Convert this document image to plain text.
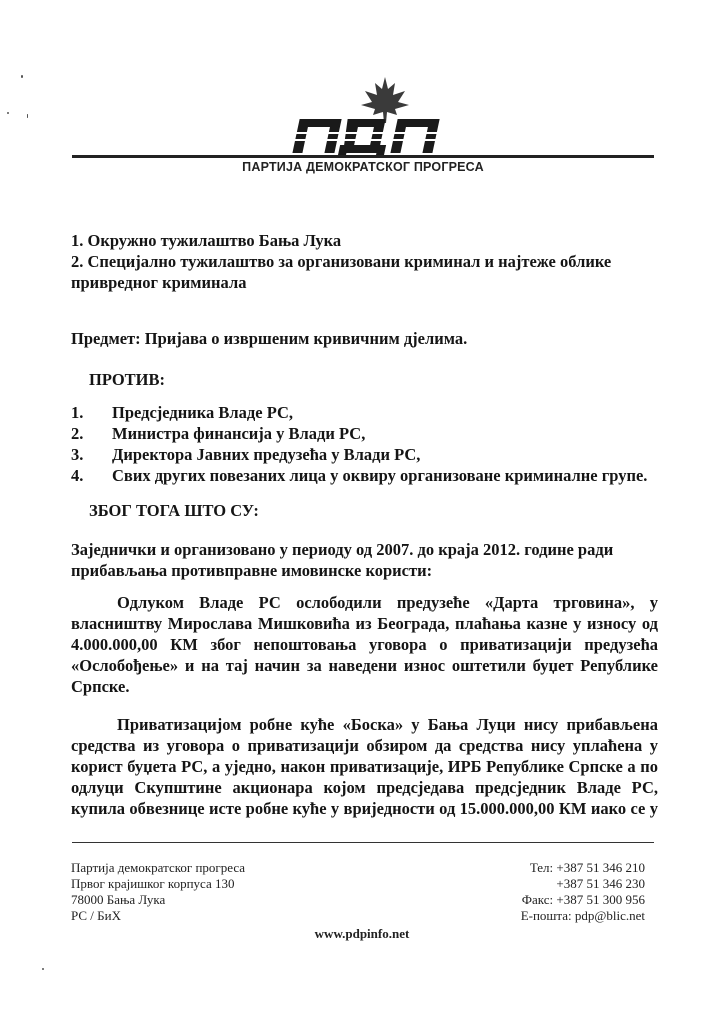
ПАРТИЈА ДЕМОКРАТСКОГ ПРОГРЕСА
1. Окружно тужилаштво Бања Лука
2. Специјално тужилаштво за организовани криминал и најтеже облике
привредног криминала
Предмет: Пријава о извршеним кривичним дјелима.
ПРОТИВ:
1.	Предсједника Владе РС,
2.	Министра финансија у Влади РС,
3.	Директора Јавних предузећа у Влади РС,
4.	Свих других повезаних лица у оквиру организоване криминалне групе.
ЗБОГ ТОГА ШТО СУ:
Заједнички и организовано у периоду од 2007. до краја 2012. године ради
прибављања противправне имовинске користи:
Одлуком Владе РС ослободили предузеће «Дарта трговина», у
власништву Мирослава Мишковића из Београда, плаћања казне у износу од
4.000.000,00 КМ због непоштовања уговора о приватизацији предузећа
«Ослобођење» и на тај начин за наведени износ оштетили буџет Републике
Српске.
Приватизацијом робне куће «Боска» у Бања Луци нису прибављена
средства из уговора о приватизацији обзиром да средства нису уплаћена у
корист буџета РС, а уједно, након приватизације, ИРБ Републике Српске а по
одлуци Скупштине акционара којом предсједава предсједник Владе РС,
купила обвезнице исте робне куће у вриједности од 15.000.000,00 КМ иако се у
Партија демократског прогреса
Првог крајишког корпуса 130
78000 Бања Лука
РС / БиХ
Тел: +387 51 346 210
+387 51 346 230
Факс: +387 51 300 956
Е-пошта: pdp@blic.net
www.pdpinfo.net
